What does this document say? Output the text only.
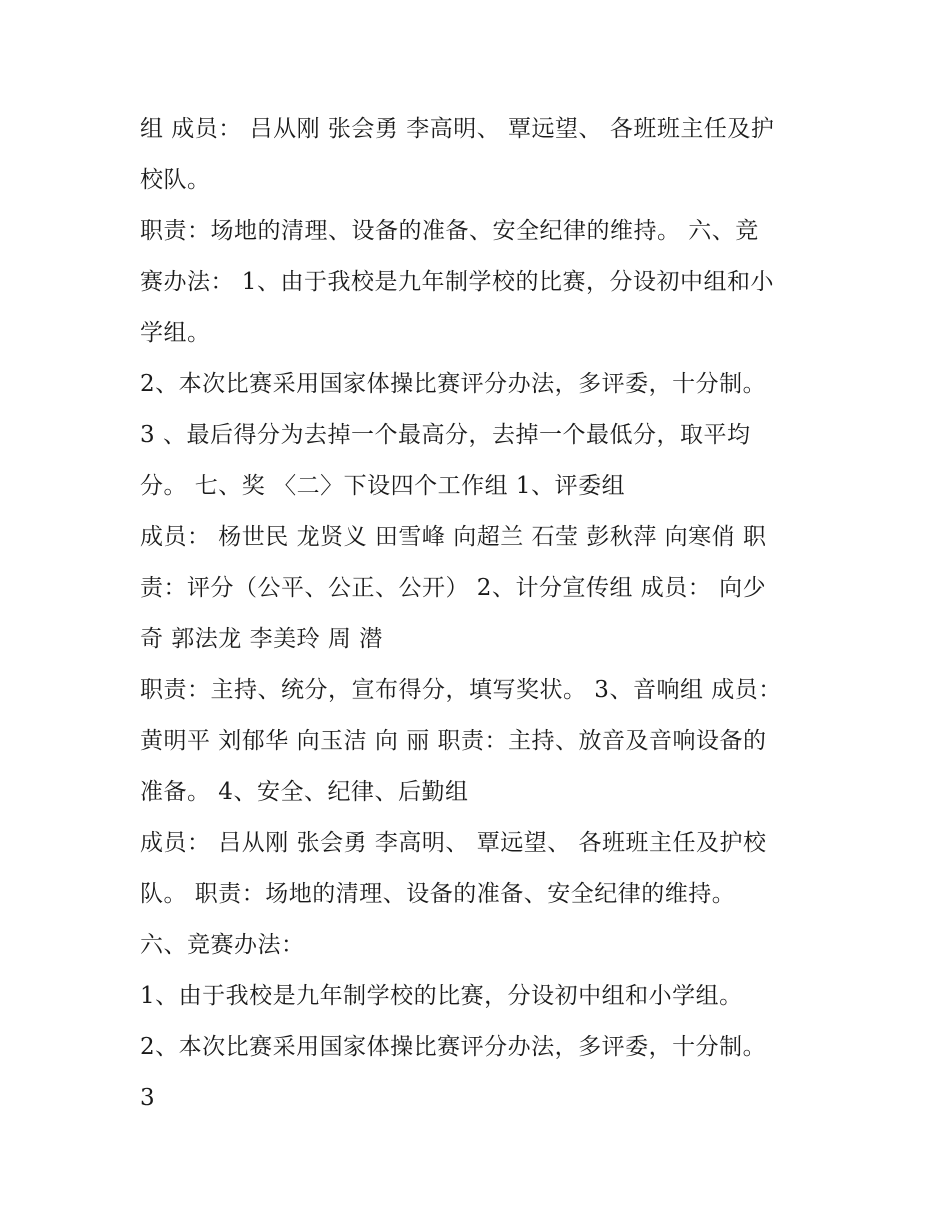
组 成员： 吕从刚 张会勇 李高明、 覃远望、 各班班主任及护
校队。
职责：场地的清理、设备的准备、安全纪律的维持。 六、竞
赛办法： 1、由于我校是九年制学校的比赛，分设初中组和小
学组。
2、本次比赛采用国家体操比赛评分办法，多评委，十分制。
3 、最后得分为去掉一个最高分，去掉一个最低分，取平均
分。 七、奖 〈二〉下设四个工作组 1、评委组
成员： 杨世民 龙贤义 田雪峰 向超兰 石莹 彭秋萍 向寒俏 职
责：评分（公平、公正、公开） 2、计分宣传组 成员： 向少
奇 郭法龙 李美玲 周 潜
职责：主持、统分，宣布得分，填写奖状。 3、音响组 成员：
黄明平 刘郁华 向玉洁 向 丽 职责：主持、放音及音响设备的
准备。 4、安全、纪律、后勤组
成员： 吕从刚 张会勇 李高明、 覃远望、 各班班主任及护校
队。 职责：场地的清理、设备的准备、安全纪律的维持。
六、竞赛办法：
1、由于我校是九年制学校的比赛，分设初中组和小学组。
2、本次比赛采用国家体操比赛评分办法，多评委，十分制。
3
